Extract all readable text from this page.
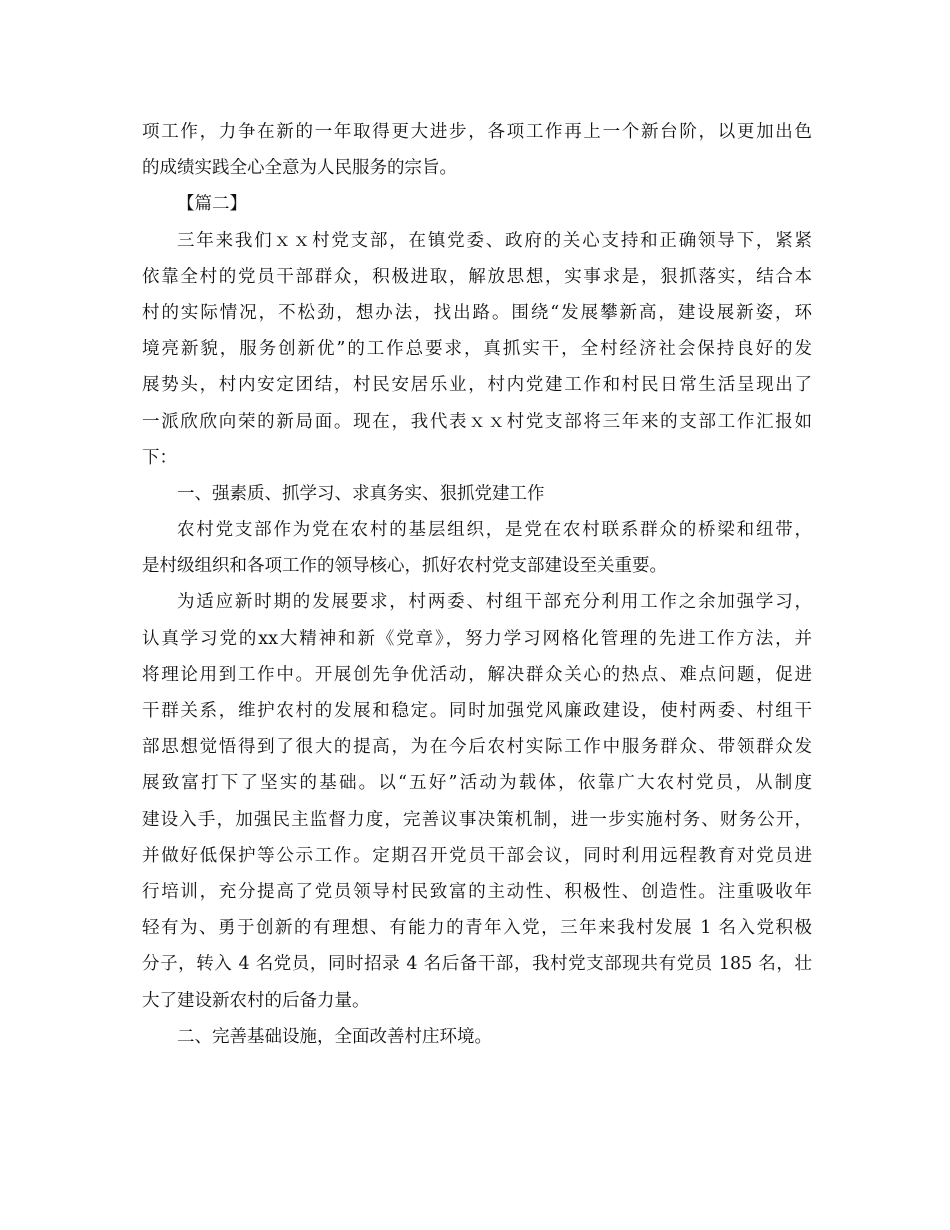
项工作，力争在新的一年取得更大进步，各项工作再上一个新台阶，以更加出色
的成绩实践全心全意为人民服务的宗旨。
【篇二】
三年来我们ｘｘ村党支部，在镇党委、政府的关心支持和正确领导下，紧紧
依靠全村的党员干部群众，积极进取，解放思想，实事求是，狠抓落实，结合本
村的实际情况，不松劲，想办法，找出路。围绕“发展攀新高，建设展新姿，环
境亮新貌，服务创新优”的工作总要求，真抓实干，全村经济社会保持良好的发
展势头，村内安定团结，村民安居乐业，村内党建工作和村民日常生活呈现出了
一派欣欣向荣的新局面。现在，我代表ｘｘ村党支部将三年来的支部工作汇报如
下：
一、强素质、抓学习、求真务实、狠抓党建工作
农村党支部作为党在农村的基层组织，是党在农村联系群众的桥梁和纽带，
是村级组织和各项工作的领导核心，抓好农村党支部建设至关重要。
为适应新时期的发展要求，村两委、村组干部充分利用工作之余加强学习，
认真学习党的xx大精神和新《党章》，努力学习网格化管理的先进工作方法，并
将理论用到工作中。开展创先争优活动，解决群众关心的热点、难点问题，促进
干群关系，维护农村的发展和稳定。同时加强党风廉政建设，使村两委、村组干
部思想觉悟得到了很大的提高，为在今后农村实际工作中服务群众、带领群众发
展致富打下了坚实的基础。以“五好”活动为载体，依靠广大农村党员，从制度
建设入手，加强民主监督力度，完善议事决策机制，进一步实施村务、财务公开，
并做好低保护等公示工作。定期召开党员干部会议，同时利用远程教育对党员进
行培训，充分提高了党员领导村民致富的主动性、积极性、创造性。注重吸收年
轻有为、勇于创新的有理想、有能力的青年入党，三年来我村发展 1 名入党积极
分子，转入 4 名党员，同时招录 4 名后备干部，我村党支部现共有党员 185 名，壮
大了建设新农村的后备力量。
二、完善基础设施，全面改善村庄环境。
